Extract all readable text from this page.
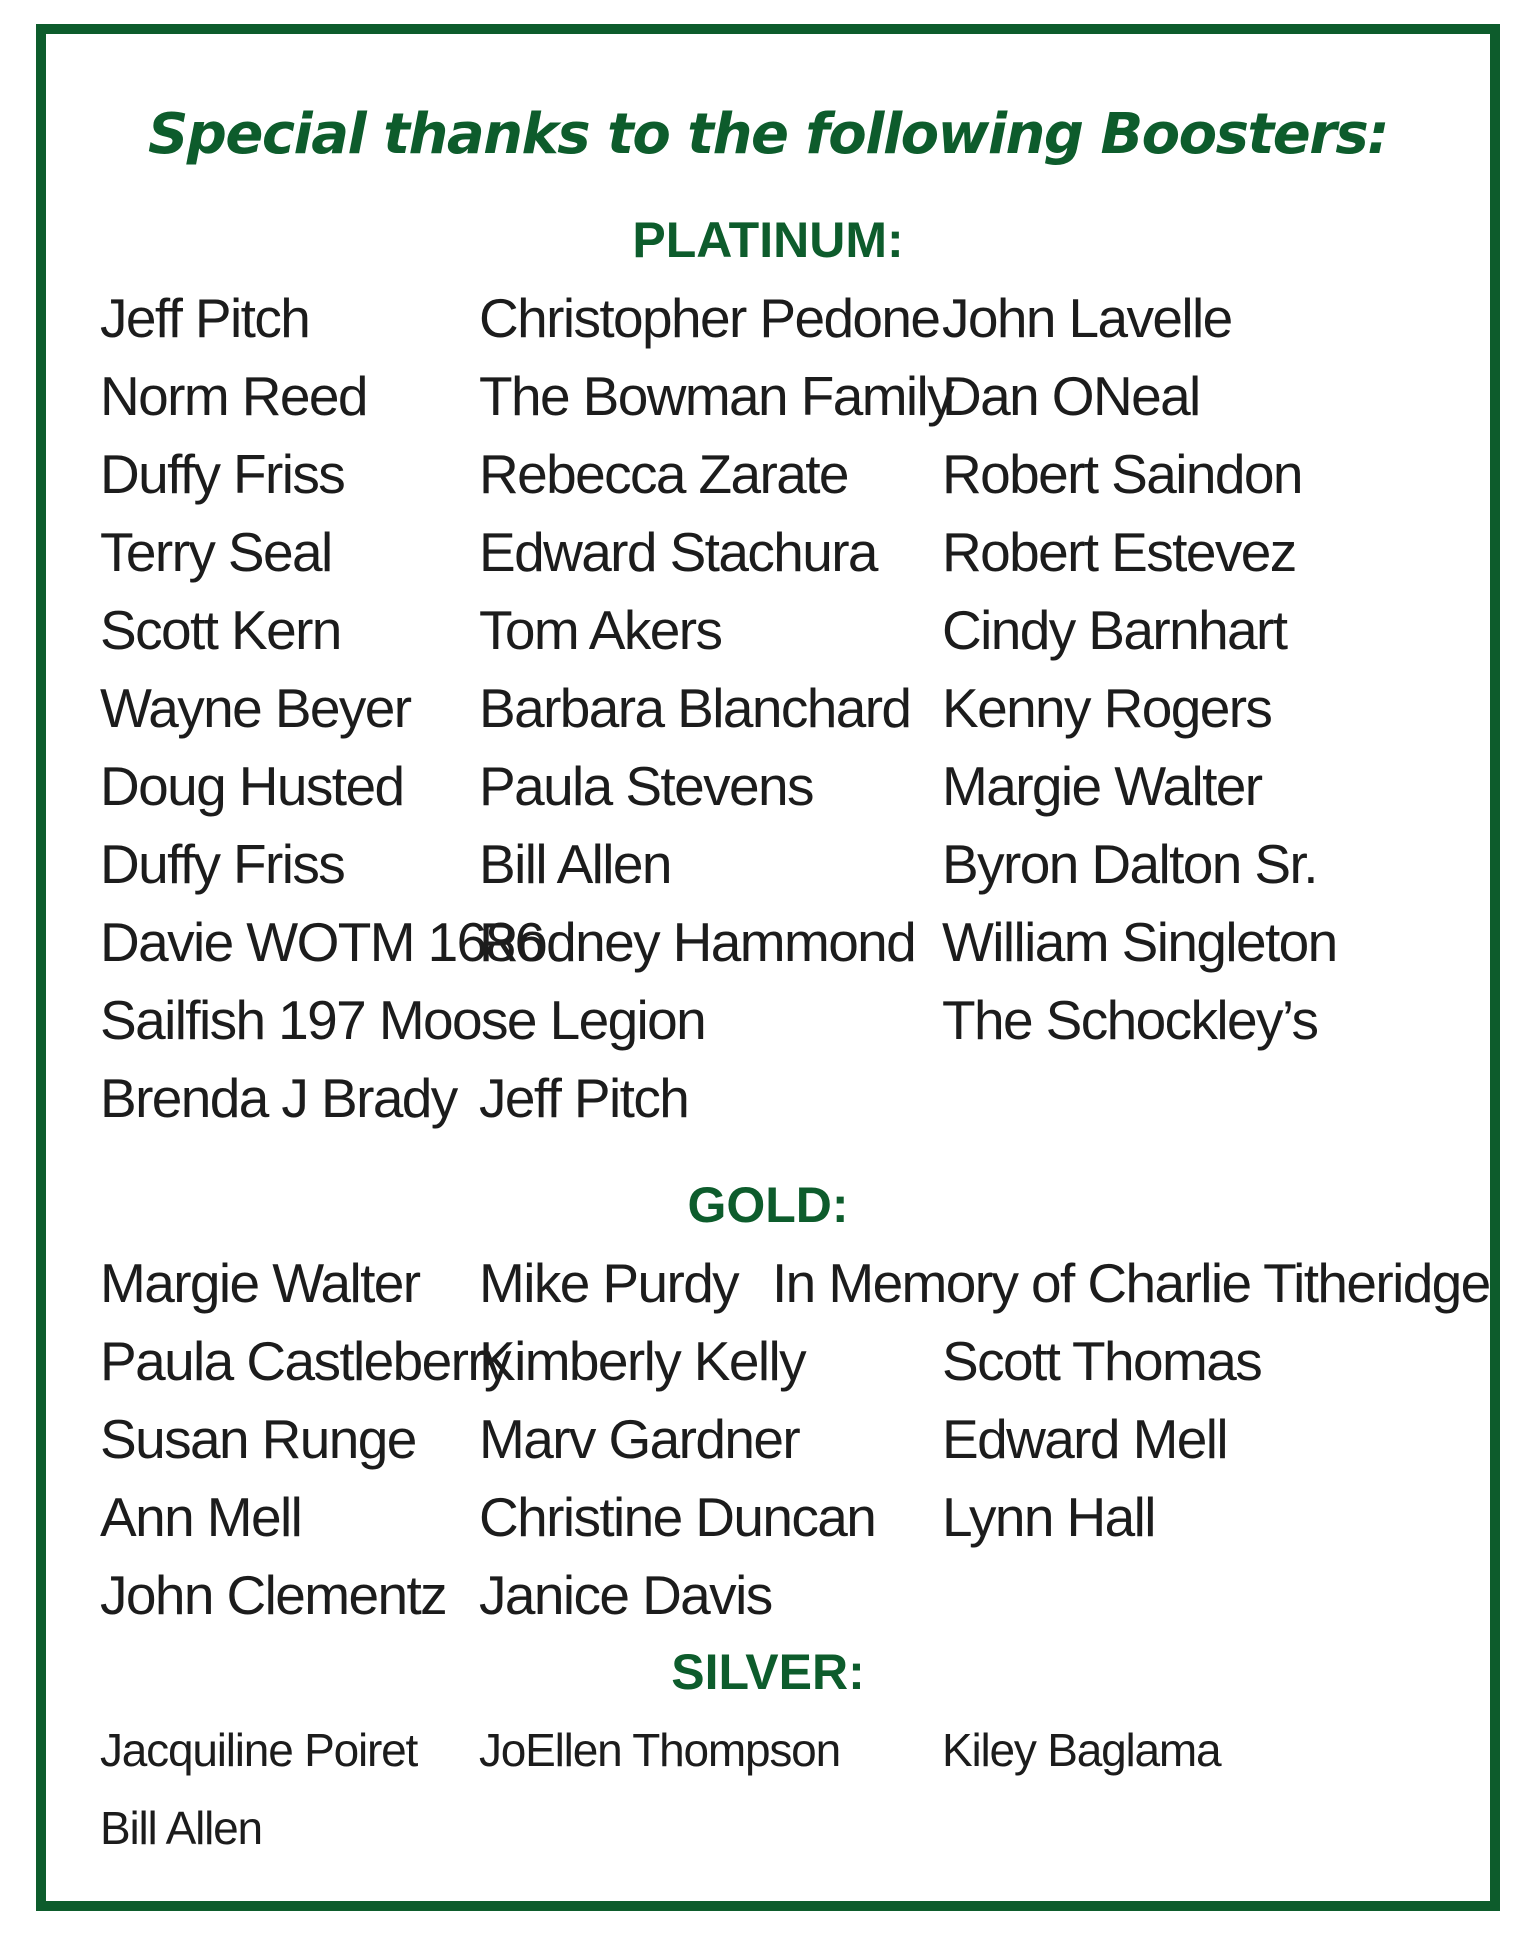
Special thanks to the following Boosters:
PLATINUM:
Jeff Pitch
Norm Reed
Duffy Friss
Terry Seal
Scott Kern
Wayne Beyer
Doug Husted
Duffy Friss
Davie WOTM 1686
Sailfish 197 Moose Legion
Brenda J Brady
Christopher Pedone
The Bowman Family
Rebecca Zarate
Edward Stachura
Tom Akers
Barbara Blanchard
Paula Stevens
Bill Allen
Rodney Hammond
Jeff Pitch
John Lavelle
Dan ONeal
Robert Saindon
Robert Estevez
Cindy Barnhart
Kenny Rogers
Margie Walter
Byron Dalton Sr.
William Singleton
The Schockley’s
GOLD:
Margie Walter
Paula Castleberry
Susan Runge
Ann Mell
John Clementz
Mike Purdy
Kimberly Kelly
Marv Gardner
Christine Duncan
Janice Davis
In Memory of Charlie Titheridge
Scott Thomas
Edward Mell
Lynn Hall
SILVER:
Jacquiline Poiret
Bill Allen
JoEllen Thompson Kiley Baglama
